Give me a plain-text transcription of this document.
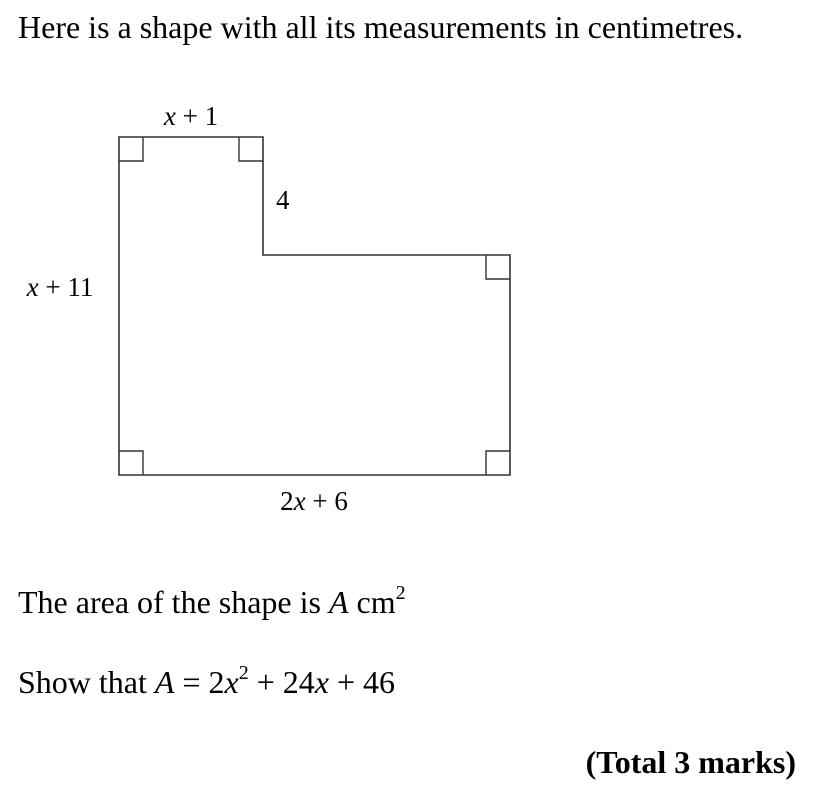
Here is a shape with all its measurements in centimetres.
x + 1
4
x + 11
2x + 6
The area of the shape is A $cm^2$
Show that $A = 2x^2 + 24x + 46$
(Total 3 marks)
